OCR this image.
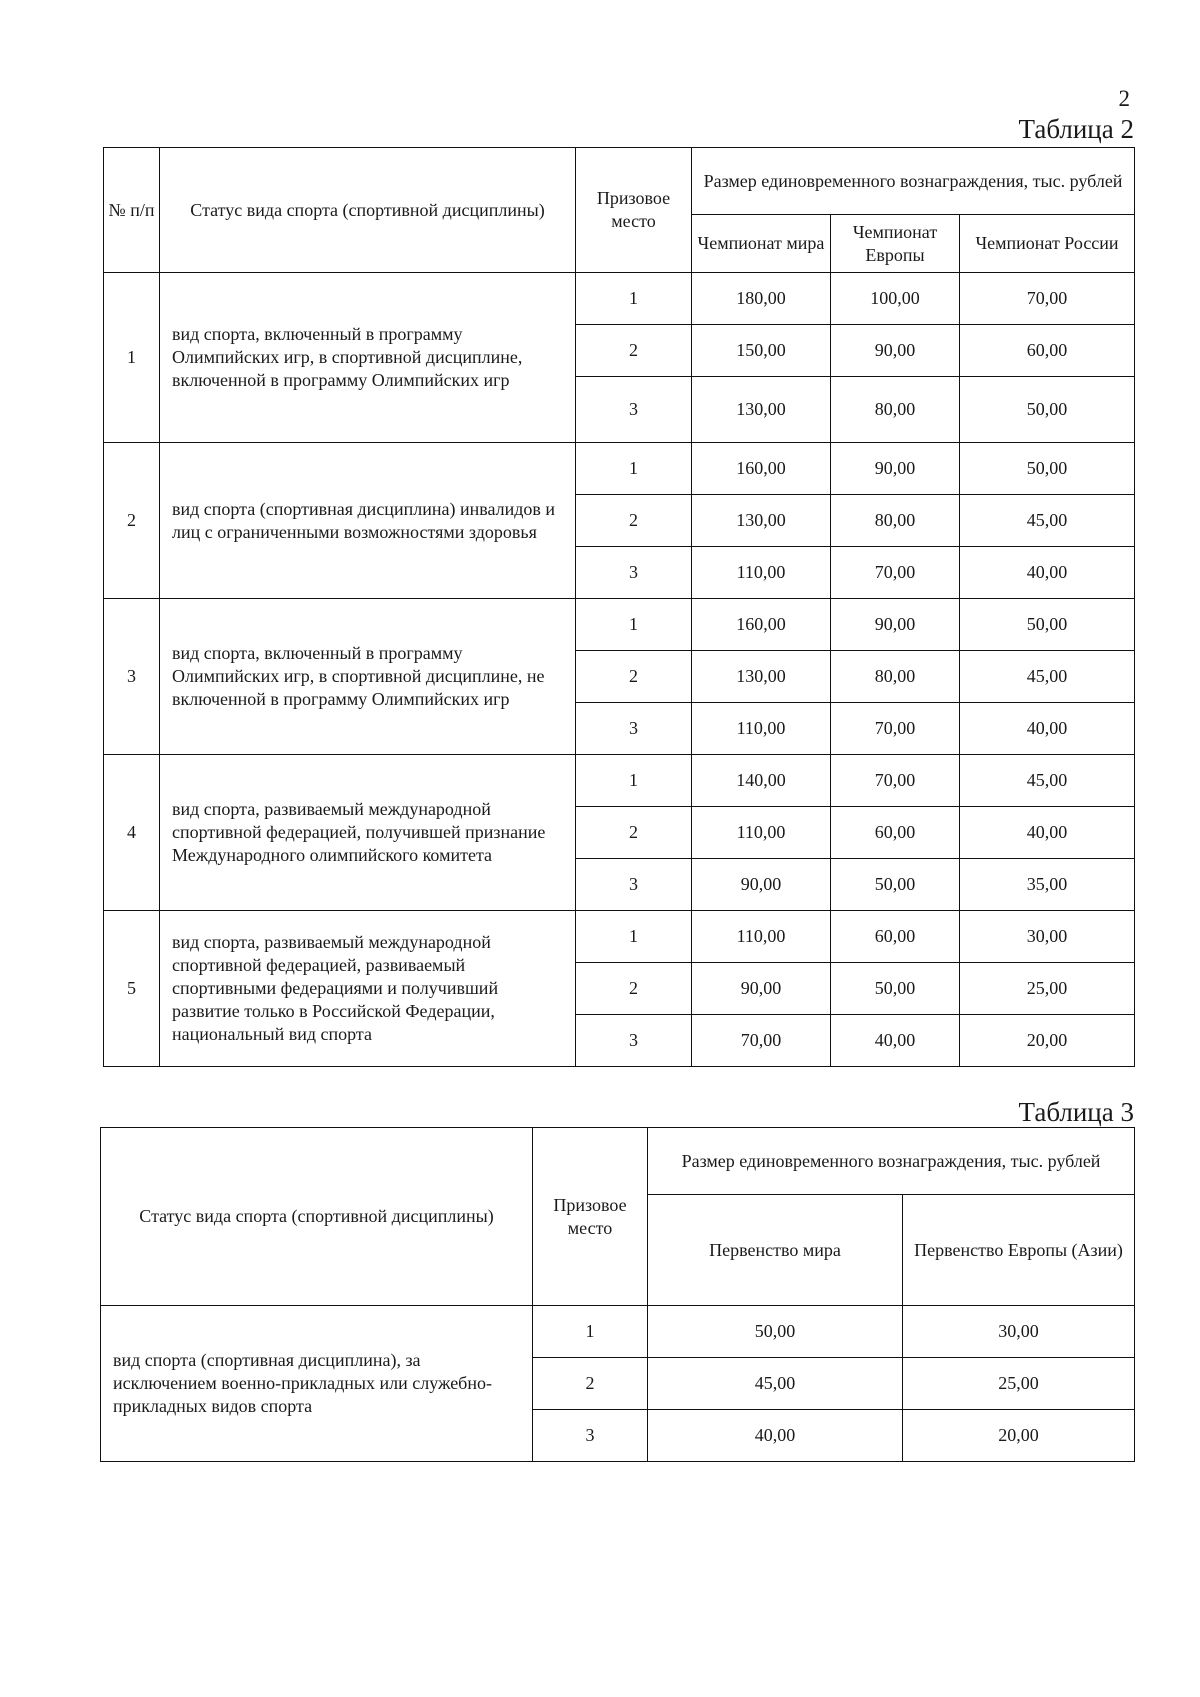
2
Таблица 2
№ п/п	Статус вида спорта (спортивной дисциплины)	Призовое место	Размер единовременного вознаграждения, тыс. рублей		
			Чемпионат мира	Чемпионат Европы	Чемпионат России
1	вид спорта, включенный в программу Олимпийских игр, в спортивной дисциплине, включенной в программу Олимпийских игр	1	180,00	100,00	70,00
		2	150,00	90,00	60,00
		3	130,00	80,00	50,00
2	вид спорта (спортивная дисциплина) инвалидов и лиц с ограниченными возможностями здоровья	1	160,00	90,00	50,00
		2	130,00	80,00	45,00
		3	110,00	70,00	40,00
3	вид спорта, включенный в программу Олимпийских игр, в спортивной дисциплине, не включенной в программу Олимпийских игр	1	160,00	90,00	50,00
		2	130,00	80,00	45,00
		3	110,00	70,00	40,00
4	вид спорта, развиваемый международной спортивной федерацией, получившей признание Международного олимпийского комитета	1	140,00	70,00	45,00
		2	110,00	60,00	40,00
		3	90,00	50,00	35,00
5	вид спорта, развиваемый международной спортивной федерацией, развиваемый спортивными федерациями и получивший развитие только в Российской Федерации, национальный вид спорта	1	110,00	60,00	30,00
		2	90,00	50,00	25,00
		3	70,00	40,00	20,00
Таблица 3
Статус вида спорта (спортивной дисциплины)	Призовое место	Размер единовременного вознаграждения, тыс. рублей	
		Первенство мира	Первенство Европы (Азии)
вид спорта (спортивная дисциплина), за исключением военно-прикладных или служебно-прикладных видов спорта	1	50,00	30,00
	2	45,00	25,00
	3	40,00	20,00
